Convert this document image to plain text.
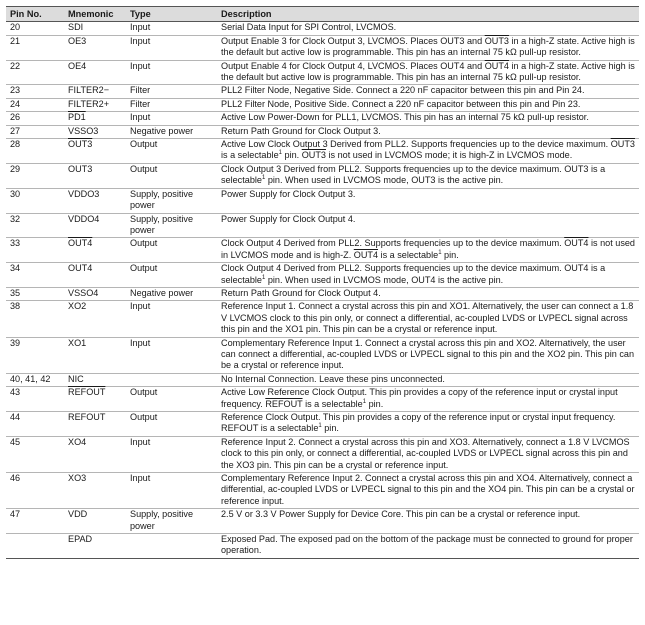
Pin No.	Mnemonic	Type	Description
20	SDI	Input	Serial Data Input for SPI Control, LVCMOS.
21	OE3	Input	Output Enable 3 for Clock Output 3, LVCMOS. Places OUT3 and OUT3 in a high-Z state. Active high is the default but active low is programmable. This pin has an internal 75 kΩ pull-up resistor.
22	OE4	Input	Output Enable 4 for Clock Output 4, LVCMOS. Places OUT4 and OUT4 in a high-Z state. Active high is the default but active low is programmable. This pin has an internal 75 kΩ pull-up resistor.
23	FILTER2−	Filter	PLL2 Filter Node, Negative Side. Connect a 220 nF capacitor between this pin and Pin 24.
24	FILTER2+	Filter	PLL2 Filter Node, Positive Side. Connect a 220 nF capacitor between this pin and Pin 23.
26	PD1	Input	Active Low Power-Down for PLL1, LVCMOS. This pin has an internal 75 kΩ pull-up resistor.
27	VSSO3	Negative power	Return Path Ground for Clock Output 3.
28	OUT3	Output	Active Low Clock Output 3 Derived from PLL2. Supports frequencies up to the device maximum. OUT3 is a selectable$^1$ pin. OUT3 is not used in LVCMOS mode; it is high-Z in LVCMOS mode.
29	OUT3	Output	Clock Output 3 Derived from PLL2. Supports frequencies up to the device maximum. OUT3 is a selectable$^1$ pin. When used in LVCMOS mode, OUT3 is the active pin.
30	VDDO3	Supply, positive power	Power Supply for Clock Output 3.
32	VDDO4	Supply, positive power	Power Supply for Clock Output 4.
33	OUT4	Output	Clock Output 4 Derived from PLL2. Supports frequencies up to the device maximum. OUT4 is not used in LVCMOS mode and is high-Z. OUT4 is a selectable$^1$ pin.
34	OUT4	Output	Clock Output 4 Derived from PLL2. Supports frequencies up to the device maximum. OUT4 is a selectable$^1$ pin. When used in LVCMOS mode, OUT4 is the active pin.
35	VSSO4	Negative power	Return Path Ground for Clock Output 4.
38	XO2	Input	Reference Input 1. Connect a crystal across this pin and XO1. Alternatively, the user can connect a 1.8 V LVCMOS clock to this pin only, or connect a differential, ac-coupled LVDS or LVPECL signal across this pin and the XO1 pin. This pin can be a crystal or reference input.
39	XO1	Input	Complementary Reference Input 1. Connect a crystal across this pin and XO2. Alternatively, the user can connect a differential, ac-coupled LVDS or LVPECL signal to this pin and the XO2 pin. This pin can be a crystal or reference input.
40, 41, 42	NIC		No Internal Connection. Leave these pins unconnected.
43	REFOUT	Output	Active Low Reference Clock Output. This pin provides a copy of the reference input or crystal input frequency. REFOUT is a selectable$^1$ pin.
44	REFOUT	Output	Reference Clock Output. This pin provides a copy of the reference input or crystal input frequency. REFOUT is a selectable$^1$ pin.
45	XO4	Input	Reference Input 2. Connect a crystal across this pin and XO3. Alternatively, connect a 1.8 V LVCMOS clock to this pin only, or connect a differential, ac-coupled LVDS or LVPECL signal across this pin and the XO3 pin. This pin can be a crystal or reference input.
46	XO3	Input	Complementary Reference Input 2. Connect a crystal across this pin and XO4. Alternatively, connect a differential, ac-coupled LVDS or LVPECL signal to this pin and the XO4 pin. This pin can be a crystal or reference input.
47	VDD	Supply, positive power	2.5 V or 3.3 V Power Supply for Device Core. This pin can be a crystal or reference input.
	EPAD		Exposed Pad. The exposed pad on the bottom of the package must be connected to ground for proper operation.
